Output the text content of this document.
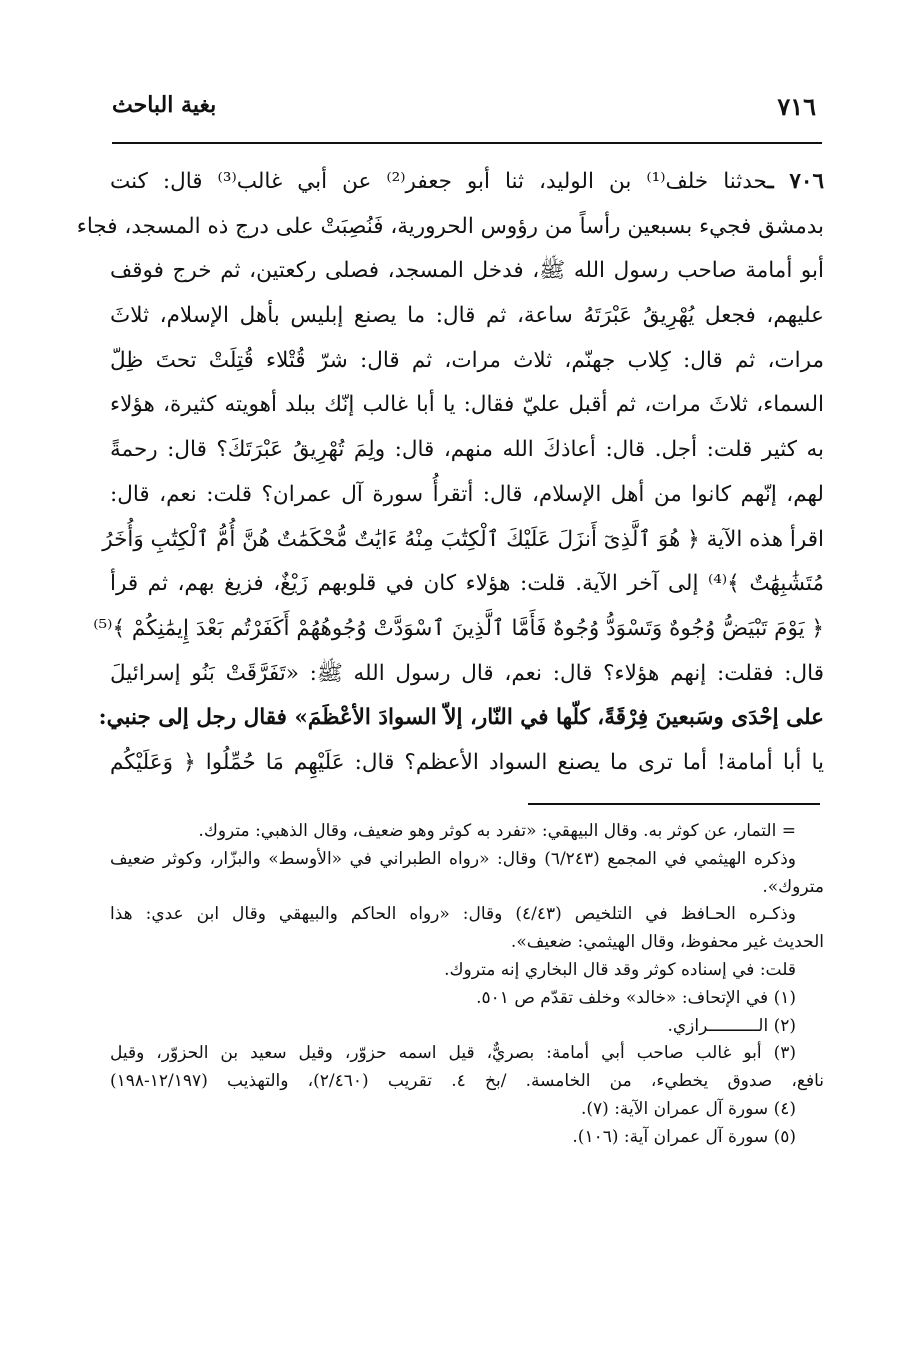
٧١٦
بغية الباحث
٧٠٦ ـحدثنا خلف⁽¹⁾ بن الوليد، ثنا أبو جعفر⁽²⁾ عن أبي غالب⁽³⁾ قال: كنت
بدمشق فجيء بسبعين رأساً من رؤوس الحرورية، فَنُصِبَتْ على درج ذه المسجد، فجاء
أبو أمامة صاحب رسول الله ﷺ، فدخل المسجد، فصلى ركعتين، ثم خرج فوقف
عليهم، فجعل يُهْرِيقُ عَبْرَتَهُ ساعة، ثم قال: ما يصنع إبليس بأهل الإسلام، ثلاثَ
مرات، ثم قال: كِلاب جهنّم، ثلاث مرات، ثم قال: شرّ قُتْلاء قُتِلَتْ تحتَ ظِلّ
السماء، ثلاثَ مرات، ثم أقبل عليّ فقال: يا أبا غالب إنّك ببلد أهويته كثيرة، هؤلاء
به كثير قلت: أجل. قال: أعاذكَ الله منهم، قال: ولِمَ تُهْرِيقُ عَبْرَتَكَ؟ قال: رحمةً
لهم، إنّهم كانوا من أهل الإسلام، قال: أتقرأُ سورة آل عمران؟ قلت: نعم، قال:
اقرأ هذه الآية ﴿ هُوَ ٱلَّذِىٓ أَنزَلَ عَلَيْكَ ٱلْكِتَٰبَ مِنْهُ ءَايَٰتٌ مُّحْكَمَٰتٌ هُنَّ أُمُّ ٱلْكِتَٰبِ وَأُخَرُ
مُتَشَٰبِهَٰتٌ ﴾⁽⁴⁾ إلى آخر الآية. قلت: هؤلاء كان في قلوبهم زَيْغٌ، فزيغ بهم، ثم قرأ
﴿ يَوْمَ تَبْيَضُّ وُجُوهٌ وَتَسْوَدُّ وُجُوهٌ فَأَمَّا ٱلَّذِينَ ٱسْوَدَّتْ وُجُوهُهُمْ أَكَفَرْتُم بَعْدَ إِيمَٰنِكُمْ ﴾⁽⁵⁾
قال: فقلت: إنهم هؤلاء؟ قال: نعم، قال رسول الله ﷺ: «تَفَرَّقَتْ بَنُو إسرائيلَ
على إحْدَى وسَبعينَ فِرْقَةً، كلّها في النّار، إلاّ السوادَ الأعْظَمَ» فقال رجل إلى جنبي:
يا أبا أمامة! أما ترى ما يصنع السواد الأعظم؟ قال: عَلَيْهِم مَا حُمِّلُوا ﴿ وَعَلَيْكُم
= التمار، عن كوثر به. وقال البيهقي: «تفرد به كوثر وهو ضعيف، وقال الذهبي: متروك.
وذكره الهيثمي في المجمع (٦/٢٤٣) وقال: «رواه الطبراني في «الأوسط» والبزّار، وكوثر ضعيف
متروك».
وذكـره الحـافظ في التلخيص (٤/٤٣) وقال: «رواه الحاكم والبيهقي وقال ابن عدي: هذا
الحديث غير محفوظ، وقال الهيثمي: ضعيف».
قلت: في إسناده كوثر وقد قال البخاري إنه متروك.
(١) في الإتحاف: «خالد» وخلف تقدّم ص ٥٠١.
(٢) الــــــــــرازي.
(٣) أبو غالب صاحب أبي أمامة: بصريٌّ، قيل اسمه حزوّر، وقيل سعيد بن الحزوّر، وقيل
نافع، صدوق يخطيء، من الخامسة. /بخ ٤. تقريب (٢/٤٦٠)، والتهذيب (١٢/١٩٧-١٩٨)
(٤) سورة آل عمران الآية: (٧).
(٥) سورة آل عمران آية: (١٠٦).
